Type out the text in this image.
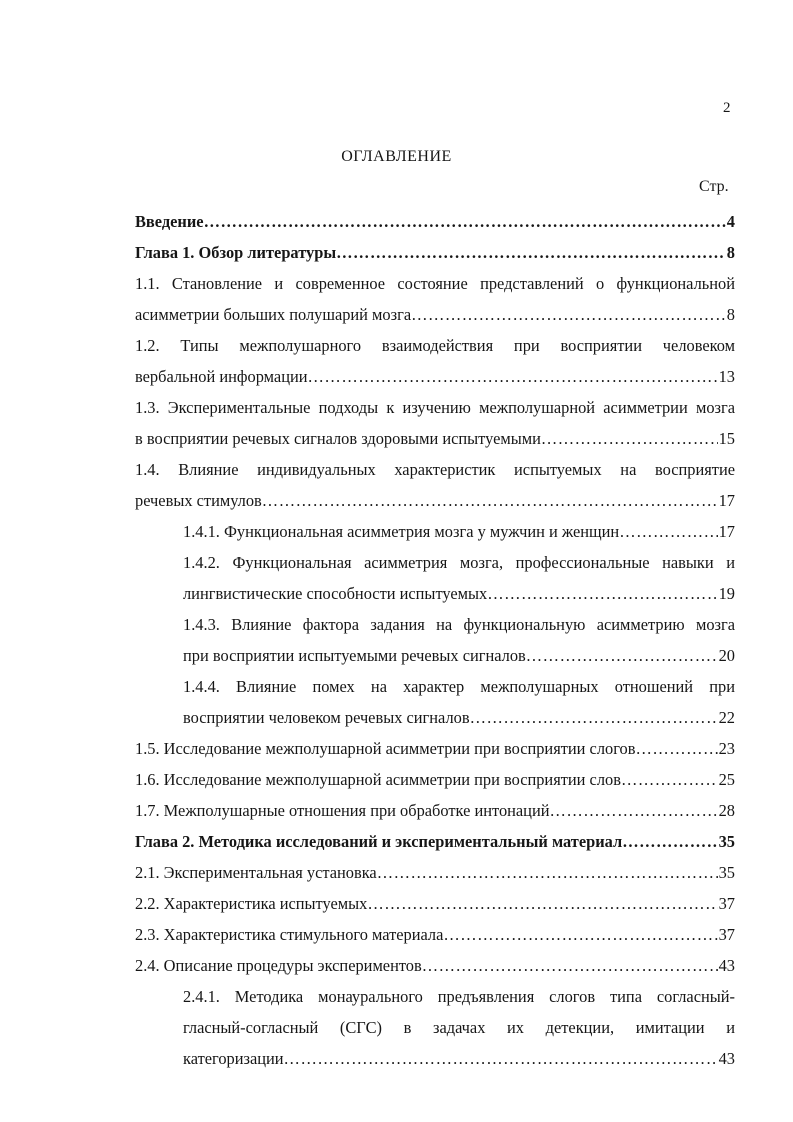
2
ОГЛАВЛЕНИЕ
Стр.
Введение …………………………………………………………………………………………………………………………………………	4
Глава 1. Обзор литературы …………………………………………………………………………………………………………………………………………	8
1.1. Становление и современное состояние представлений о функциональной
асимметрии больших полушарий мозга …………………………………………………………………………………………………………………………………………	8
1.2. Типы межполушарного взаимодействия при восприятии человеком
вербальной информации …………………………………………………………………………………………………………………………………………	13
1.3. Экспериментальные подходы к изучению межполушарной асимметрии мозга
в восприятии речевых сигналов здоровыми испытуемыми …………………………………………………………………………………………………………………………………………	15
1.4. Влияние индивидуальных характеристик испытуемых на восприятие
речевых стимулов …………………………………………………………………………………………………………………………………………	17
1.4.1. Функциональная асимметрия мозга у мужчин и женщин …………………………………………………………………………………………………………………………………………	17
1.4.2. Функциональная асимметрия мозга, профессиональные навыки и
лингвистические способности испытуемых …………………………………………………………………………………………………………………………………………	19
1.4.3. Влияние фактора задания на функциональную асимметрию мозга
при восприятии испытуемыми речевых сигналов …………………………………………………………………………………………………………………………………………	20
1.4.4. Влияние помех на характер межполушарных отношений при
восприятии человеком речевых сигналов …………………………………………………………………………………………………………………………………………	22
1.5. Исследование межполушарной асимметрии при восприятии слогов …………………………………………………………………………………………………………………………………………	23
1.6. Исследование межполушарной асимметрии при восприятии слов …………………………………………………………………………………………………………………………………………	25
1.7. Межполушарные отношения при обработке интонаций …………………………………………………………………………………………………………………………………………	28
Глава 2. Методика исследований и экспериментальный материал …………………………………………………………………………………………………………………………………………	35
2.1. Экспериментальная установка …………………………………………………………………………………………………………………………………………	35
2.2. Характеристика испытуемых …………………………………………………………………………………………………………………………………………	37
2.3. Характеристика стимульного материала …………………………………………………………………………………………………………………………………………	37
2.4. Описание процедуры экспериментов …………………………………………………………………………………………………………………………………………	43
2.4.1. Методика монаурального предъявления слогов типа согласный-
гласный-согласный (СГС) в задачах их детекции, имитации и
категоризации …………………………………………………………………………………………………………………………………………	43
